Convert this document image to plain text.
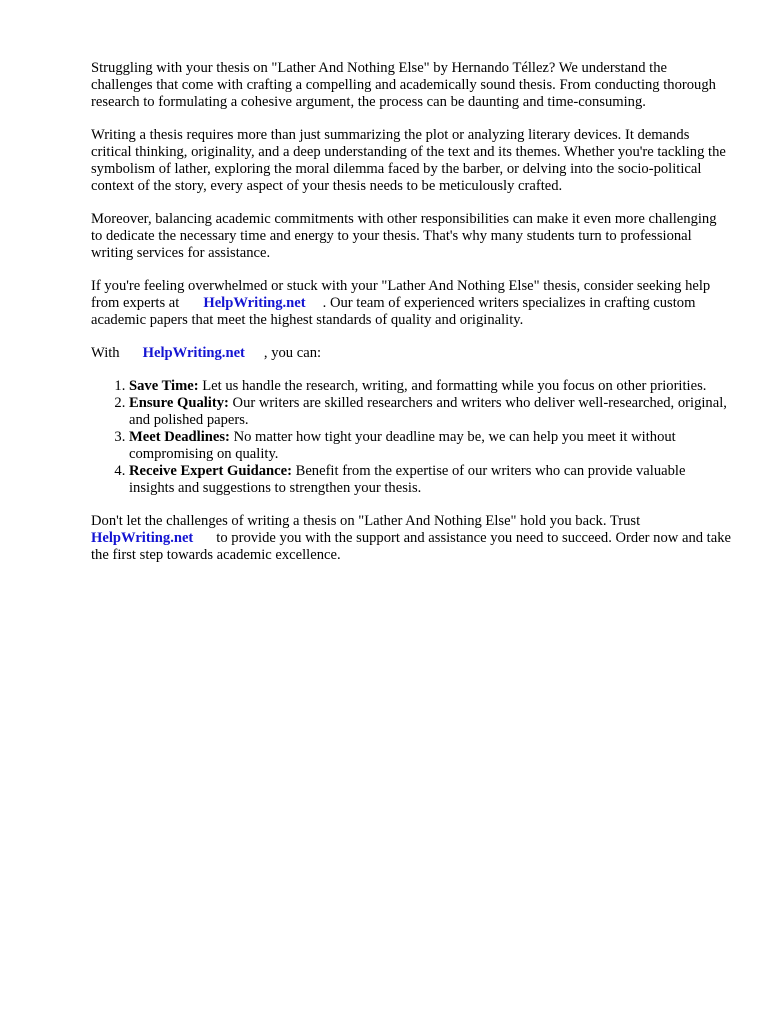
Struggling with your thesis on "Lather And Nothing Else" by Hernando Téllez? We understand the challenges that come with crafting a compelling and academically sound thesis. From conducting thorough research to formulating a cohesive argument, the process can be daunting and time-consuming.

Writing a thesis requires more than just summarizing the plot or analyzing literary devices. It demands critical thinking, originality, and a deep understanding of the text and its themes. Whether you're tackling the symbolism of lather, exploring the moral dilemma faced by the barber, or delving into the socio-political context of the story, every aspect of your thesis needs to be meticulously crafted.

Moreover, balancing academic commitments with other responsibilities can make it even more challenging to dedicate the necessary time and energy to your thesis. That's why many students turn to professional writing services for assistance.

If you're feeling overwhelmed or stuck with your "Lather And Nothing Else" thesis, consider seeking help from experts at HelpWriting.net . Our team of experienced writers specializes in crafting custom academic papers that meet the highest standards of quality and originality.

With HelpWriting.net , you can:

1. Save Time: Let us handle the research, writing, and formatting while you focus on other priorities.
2. Ensure Quality: Our writers are skilled researchers and writers who deliver well-researched, original, and polished papers.
3. Meet Deadlines: No matter how tight your deadline may be, we can help you meet it without compromising on quality.
4. Receive Expert Guidance: Benefit from the expertise of our writers who can provide valuable insights and suggestions to strengthen your thesis.

Don't let the challenges of writing a thesis on "Lather And Nothing Else" hold you back. Trust HelpWriting.net to provide you with the support and assistance you need to succeed. Order now and take the first step towards academic excellence.
